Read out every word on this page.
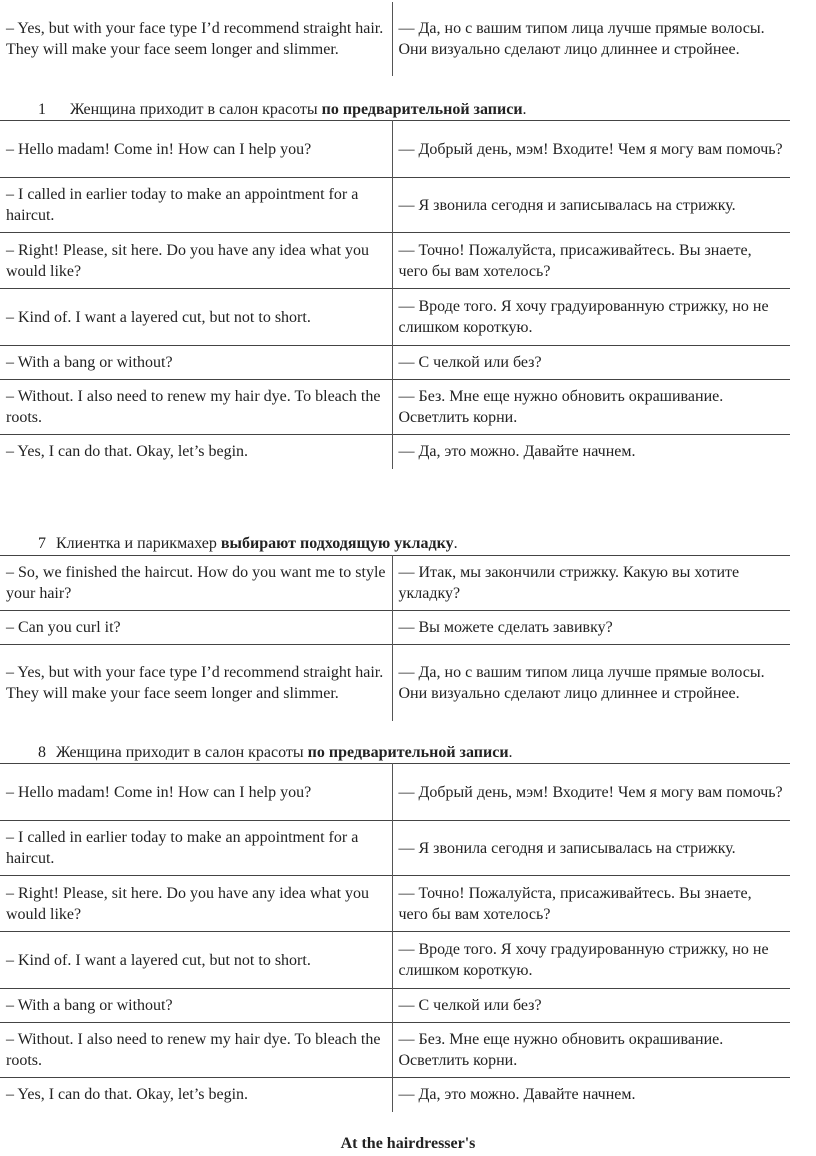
– Yes, but with your face type I’d recommend straight hair. They will make your face seem longer and slimmer.	— Да, но с вашим типом лица лучше прямые волосы. Они визуально сделают лицо длиннее и стройнее.
1 Женщина приходит в салон красоты по предварительной записи.
– Hello madam! Come in! How can I help you?	— Добрый день, мэм! Входите! Чем я могу вам помочь?
– I called in earlier today to make an appointment for a haircut.	— Я звонила сегодня и записывалась на стрижку.
– Right! Please, sit here. Do you have any idea what you would like?	— Точно! Пожалуйста, присаживайтесь. Вы знаете, чего бы вам хотелось?
– Kind of. I want a layered cut, but not to short.	— Вроде того. Я хочу градуированную стрижку, но не слишком короткую.
– With a bang or without?	— С челкой или без?
– Without. I also need to renew my hair dye. To bleach the roots.	— Без. Мне еще нужно обновить окрашивание. Осветлить корни.
– Yes, I can do that. Okay, let’s begin.	— Да, это можно. Давайте начнем.
7 Клиентка и парикмахер выбирают подходящую укладку.
– So, we finished the haircut. How do you want me to style your hair?	— Итак, мы закончили стрижку. Какую вы хотите укладку?
– Can you curl it?	— Вы можете сделать завивку?
– Yes, but with your face type I’d recommend straight hair. They will make your face seem longer and slimmer.	— Да, но с вашим типом лица лучше прямые волосы. Они визуально сделают лицо длиннее и стройнее.
8 Женщина приходит в салон красоты по предварительной записи.
– Hello madam! Come in! How can I help you?	— Добрый день, мэм! Входите! Чем я могу вам помочь?
– I called in earlier today to make an appointment for a haircut.	— Я звонила сегодня и записывалась на стрижку.
– Right! Please, sit here. Do you have any idea what you would like?	— Точно! Пожалуйста, присаживайтесь. Вы знаете, чего бы вам хотелось?
– Kind of. I want a layered cut, but not to short.	— Вроде того. Я хочу градуированную стрижку, но не слишком короткую.
– With a bang or without?	— С челкой или без?
– Without. I also need to renew my hair dye. To bleach the roots.	— Без. Мне еще нужно обновить окрашивание. Осветлить корни.
– Yes, I can do that. Okay, let’s begin.	— Да, это можно. Давайте начнем.
At the hairdresser's
